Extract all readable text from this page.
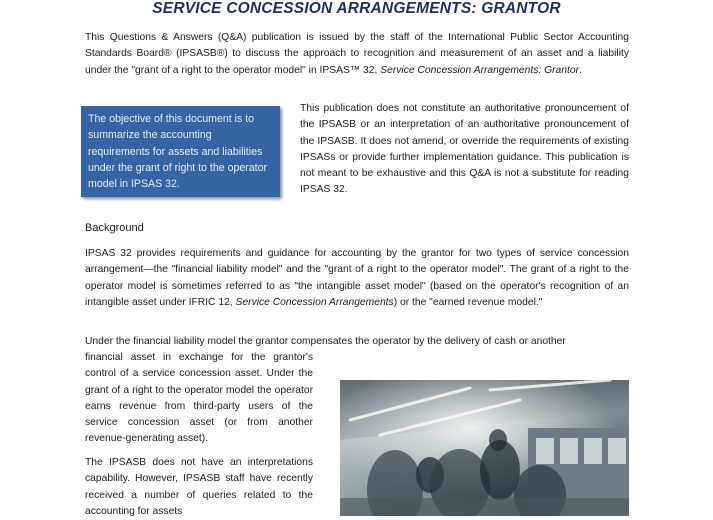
SERVICE CONCESSION ARRANGEMENTS: GRANTOR

This Questions & Answers (Q&A) publication is issued by the staff of the International Public Sector Accounting Standards Board® (IPSASB®) to discuss the approach to recognition and measurement of an asset and a liability under the "grant of a right to the operator model" in IPSAS™ 32, Service Concession Arrangements: Grantor.

The objective of this document is to summarize the accounting requirements for assets and liabilities under the grant of right to the operator model in IPSAS 32.

This publication does not constitute an authoritative pronouncement of the IPSASB or an interpretation of an authoritative pronouncement of the IPSASB. It does not amend, or override the requirements of existing IPSASs or provide further implementation guidance. This publication is not meant to be exhaustive and this Q&A is not a substitute for reading IPSAS 32.

Background

IPSAS 32 provides requirements and guidance for accounting by the grantor for two types of service concession arrangement—the "financial liability model" and the "grant of a right to the operator model". The grant of a right to the operator model is sometimes referred to as "the intangible asset model" (based on the operator's recognition of an intangible asset under IFRIC 12, Service Concession Arrangements) or the "earned revenue model."

Under the financial liability model the grantor compensates the operator by the delivery of cash or another

financial asset in exchange for the grantor's control of a service concession asset. Under the grant of a right to the operator model the operator earns revenue from third-party users of the service concession asset (or from another revenue-generating asset).

The IPSASB does not have an interpretations capability. However, IPSASB staff have recently received a number of queries related to the accounting for assets
